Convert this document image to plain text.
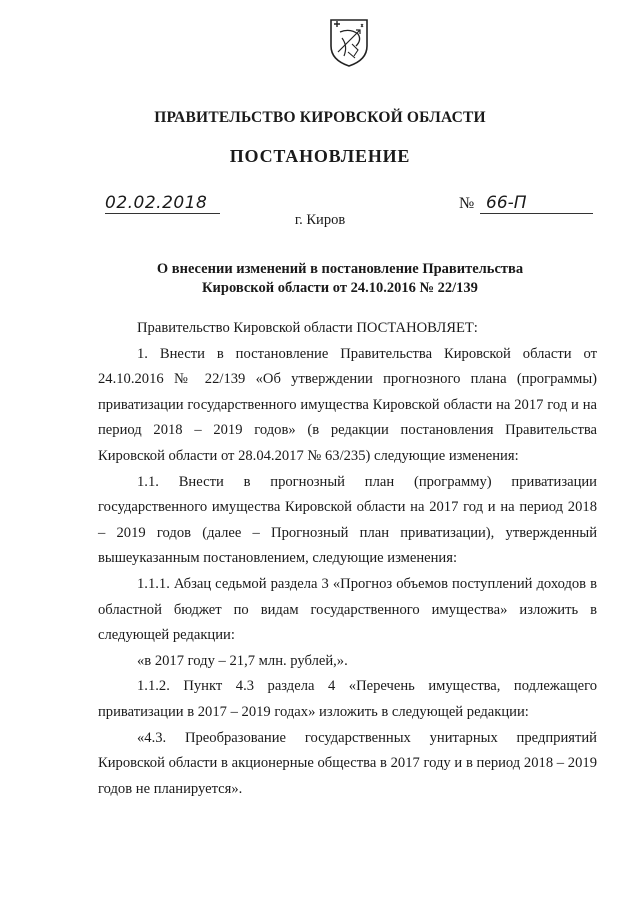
ПРАВИТЕЛЬСТВО КИРОВСКОЙ ОБЛАСТИ
ПОСТАНОВЛЕНИЕ
02.02.2018	№ 66-П
г. Киров
О внесении изменений в постановление Правительства
Кировской области от 24.10.2016 № 22/139

Правительство Кировской области ПОСТАНОВЛЯЕТ:

1. Внести в постановление Правительства Кировской области от 24.10.2016 № 22/139 «Об утверждении прогнозного плана (программы) приватизации государственного имущества Кировской области на 2017 год и на период 2018 – 2019 годов» (в редакции постановления Правительства Кировской области от 28.04.2017 № 63/235) следующие изменения:

1.1. Внести в прогнозный план (программу) приватизации государственного имущества Кировской области на 2017 год и на период 2018 – 2019 годов (далее – Прогнозный план приватизации), утвержденный вышеуказанным постановлением, следующие изменения:

1.1.1. Абзац седьмой раздела 3 «Прогноз объемов поступлений доходов в областной бюджет по видам государственного имущества» изложить в следующей редакции:

«в 2017 году – 21,7 млн. рублей,».

1.1.2. Пункт 4.3 раздела 4 «Перечень имущества, подлежащего приватизации в 2017 – 2019 годах» изложить в следующей редакции:

«4.3. Преобразование государственных унитарных предприятий Кировской области в акционерные общества в 2017 году и в период 2018 – 2019 годов не планируется».
